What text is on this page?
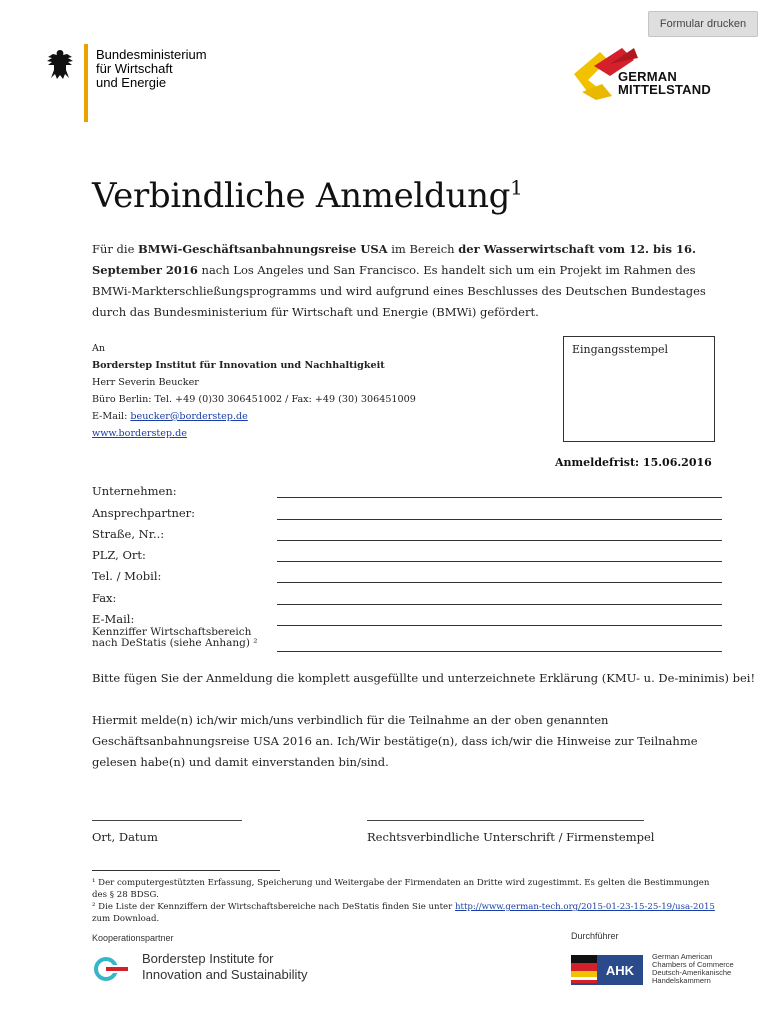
Formular drucken
Bundesministerium
für Wirtschaft
und Energie	GERMAN
MITTELSTAND
Verbindliche Anmeldung$^1$
Für die BMWi-Geschäftsanbahnungsreise USA im Bereich der Wasserwirtschaft vom 12. bis 16. September 2016 nach Los Angeles und San Francisco. Es handelt sich um ein Projekt im Rahmen des BMWi-Markterschließungsprogramms und wird aufgrund eines Beschlusses des Deutschen Bundestages durch das Bundesministerium für Wirtschaft und Energie (BMWi) gefördert.
An
Borderstep Institut für Innovation und Nachhaltigkeit
Herr Severin Beucker
Büro Berlin: Tel. +49 (0)30 306451002 / Fax: +49 (30) 306451009
E-Mail: beucker@borderstep.de
www.borderstep.de
Eingangsstempel
Anmeldefrist: 15.06.2016
Unternehmen:
Ansprechpartner:
Straße, Nr..:
PLZ, Ort:
Tel. / Mobil:
Fax:
E-Mail:
Kennziffer Wirtschaftsbereich
nach DeStatis (siehe Anhang) ²
Bitte fügen Sie der Anmeldung die komplett ausgefüllte und unterzeichnete Erklärung (KMU- u. De-minimis) bei!
Hiermit melde(n) ich/wir mich/uns verbindlich für die Teilnahme an der oben genannten Geschäftsanbahnungsreise USA 2016 an. Ich/Wir bestätige(n), dass ich/wir die Hinweise zur Teilnahme gelesen habe(n) und damit einverstanden bin/sind.
Ort, Datum	Rechtsverbindliche Unterschrift / Firmenstempel
¹ Der computergestützten Erfassung, Speicherung und Weitergabe der Firmendaten an Dritte wird zugestimmt. Es gelten die Bestimmungen des § 28 BDSG.
² Die Liste der Kennziffern der Wirtschaftsbereiche nach DeStatis finden Sie unter http://www.german-tech.org/2015-01-23-15-25-19/usa-2015 zum Download.
Kooperationspartner	Durchführer
Borderstep Institute for
Innovation and Sustainability	AHK
German American
Chambers of Commerce
Deutsch-Amerikanische
Handelskammern
